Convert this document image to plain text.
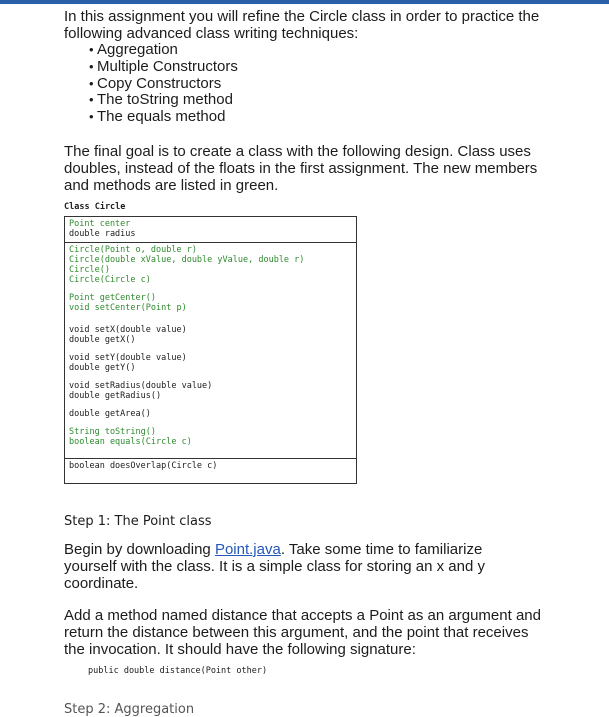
In this assignment you will refine the Circle class in order to practice the following advanced class writing techniques:

• Aggregation
• Multiple Constructors
• Copy Constructors
• The toString method
• The equals method

The final goal is to create a class with the following design. Class uses doubles, instead of the floats in the first assignment. The new members and methods are listed in green.

Class Circle
Point center
double radius
Circle(Point o, double r)
Circle(double xValue, double yValue, double r)
Circle()
Circle(Circle c)
Point getCenter()
void setCenter(Point p)
void setX(double value)
double getX()
void setY(double value)
double getY()
void setRadius(double value)
double getRadius()
double getArea()
String toString()
boolean equals(Circle c)
boolean doesOverlap(Circle c)
Step 1: The Point class

Begin by downloading Point.java. Take some time to familiarize yourself with the class. It is a simple class for storing an x and y coordinate.

Add a method named distance that accepts a Point as an argument and return the distance between this argument, and the point that receives the invocation. It should have the following signature:

public double distance(Point other)
Step 2: Aggregation
